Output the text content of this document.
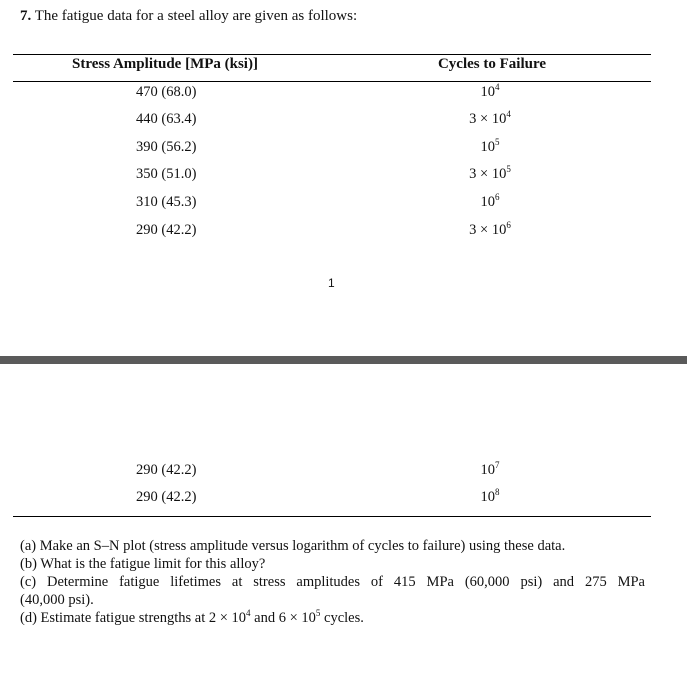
7. The fatigue data for a steel alloy are given as follows:
Stress Amplitude [MPa (ksi)]	Cycles to Failure
470 (68.0)	$10^4$
440 (63.4)	$3 \times 10^4$
390 (56.2)	$10^5$
350 (51.0)	$3 \times 10^5$
310 (45.3)	$10^6$
290 (42.2)	$3 \times 10^6$
1
290 (42.2)	$10^7$
290 (42.2)	$10^8$
(a) Make an S–N plot (stress amplitude versus logarithm of cycles to failure) using these data.
(b) What is the fatigue limit for this alloy?
(c) Determine fatigue lifetimes at stress amplitudes of 415 MPa (60,000 psi) and 275 MPa
(40,000 psi).
(d) Estimate fatigue strengths at $2 \times 10^4$ and $6 \times 10^5$ cycles.
